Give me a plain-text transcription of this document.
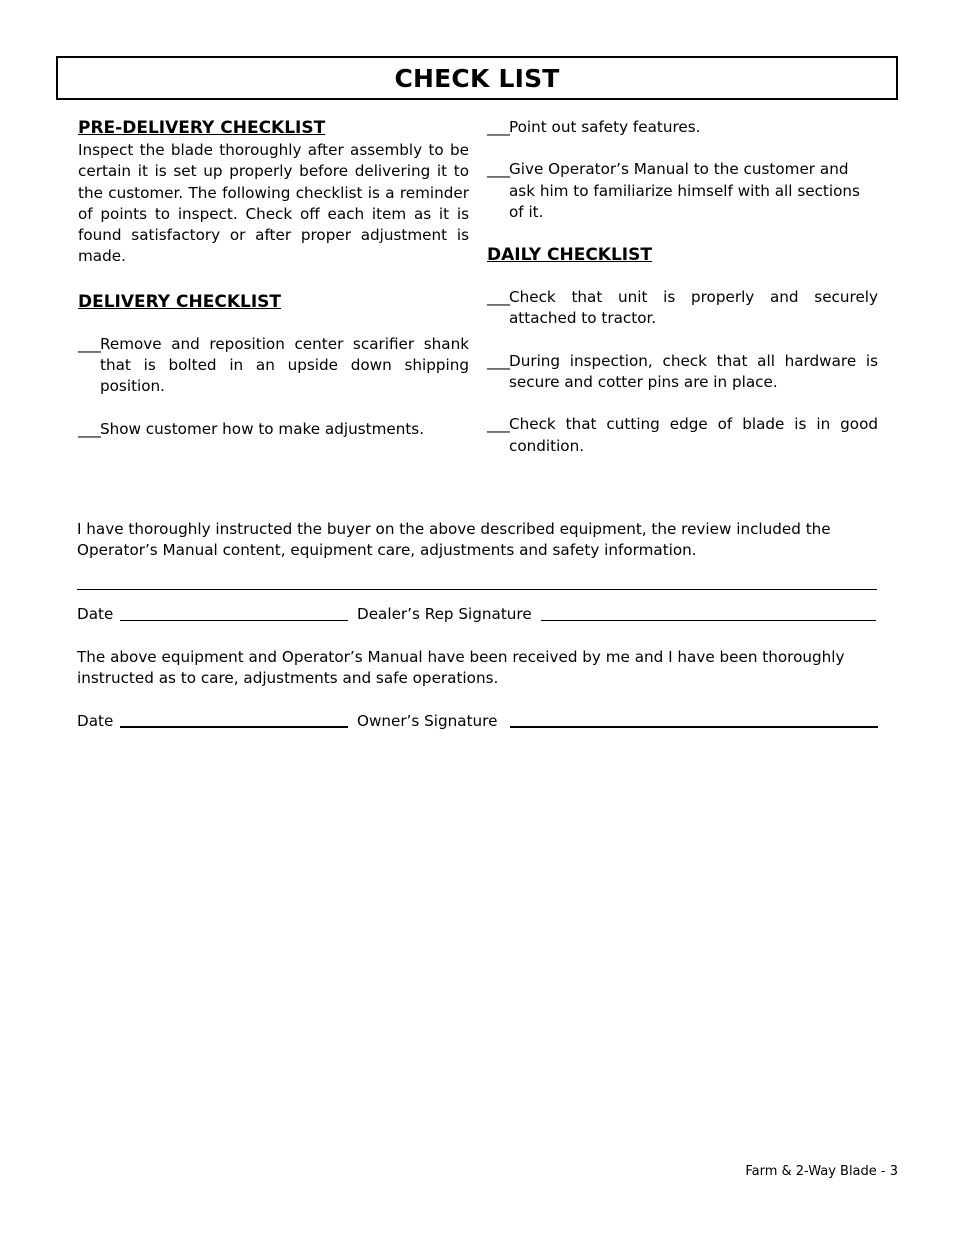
CHECK LIST

PRE-DELIVERY CHECKLIST

Inspect the blade thoroughly after assembly to be certain it is set up properly before delivering it to the customer. The following checklist is a reminder of points to inspect. Check off each item as it is found satisfactory or after proper adjustment is made.

DELIVERY CHECKLIST

___Remove and reposition center scarifier shank that is bolted in an upside down shipping position.

___Show customer how to make adjustments.

___Point out safety features.

___Give Operator’s Manual to the customer and ask him to familiarize himself with all sections of it.

DAILY CHECKLIST

___Check that unit is properly and securely attached to tractor.

___During inspection, check that all hardware is secure and cotter pins are in place.

___Check that cutting edge of blade is in good condition.

I have thoroughly instructed the buyer on the above described equipment, the review included the Operator’s Manual content, equipment care, adjustments and safety information.

Date	Dealer’s Rep Signature

The above equipment and Operator’s Manual have been received by me and I have been thoroughly instructed as to care, adjustments and safe operations.

Date	Owner’s Signature
Farm & 2-Way Blade - 3
